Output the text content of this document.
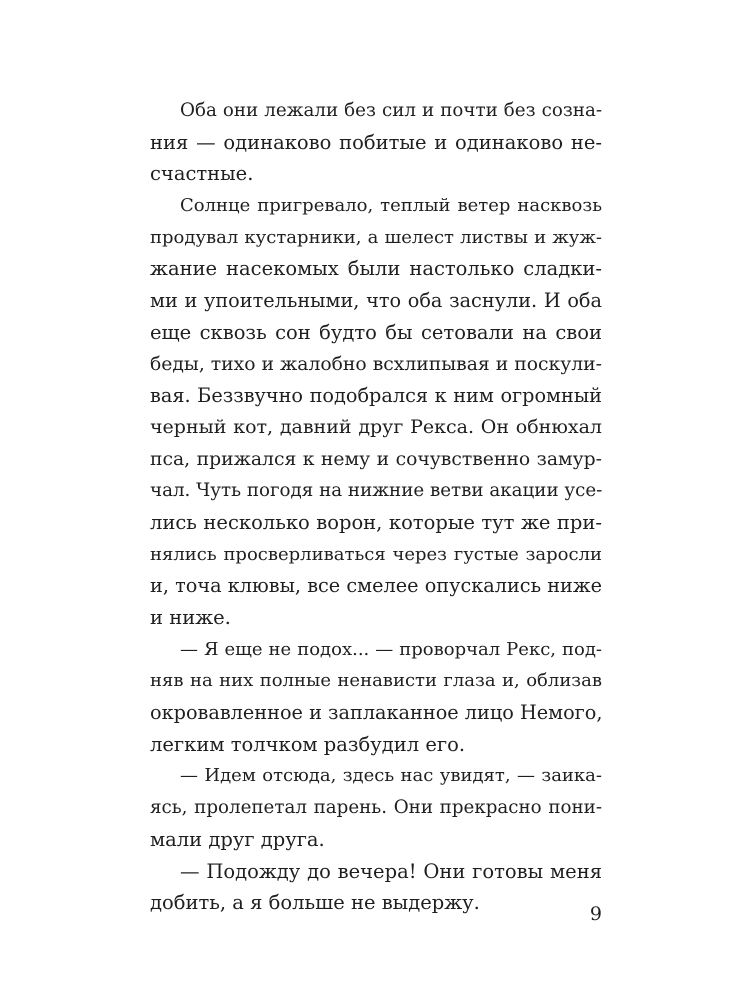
Оба они лежали без сил и почти без созна-
ния — одинаково побитые и одинаково не-
счастные.
Солнце пригревало, теплый ветер насквозь
продувал кустарники, а шелест листвы и жуж-
жание насекомых были настолько сладки-
ми и упоительными, что оба заснули. И оба
еще сквозь сон будто бы сетовали на свои
беды, тихо и жалобно всхлипывая и поскули-
вая. Беззвучно подобрался к ним огромный
черный кот, давний друг Рекса. Он обнюхал
пса, прижался к нему и сочувственно замур-
чал. Чуть погодя на нижние ветви акации усе-
лись несколько ворон, которые тут же при-
нялись просверливаться через густые заросли
и, точа клювы, все смелее опускались ниже
и ниже.
— Я еще не подох... — проворчал Рекс, под-
няв на них полные ненависти глаза и, облизав
окровавленное и заплаканное лицо Немого,
легким толчком разбудил его.
— Идем отсюда, здесь нас увидят, — заика-
ясь, пролепетал парень. Они прекрасно пони-
мали друг друга.
— Подожду до вечера! Они готовы меня
добить, а я больше не выдержу.	9
